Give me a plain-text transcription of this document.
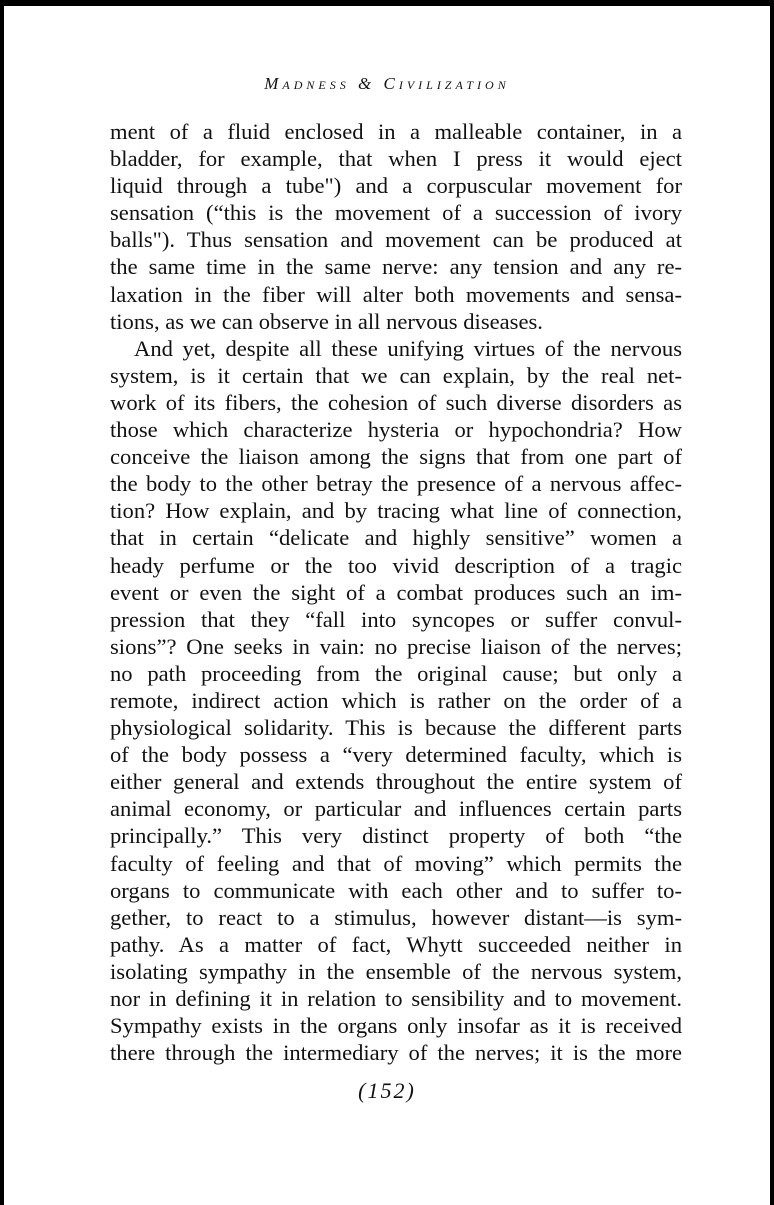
Madness & Civilization
ment of a fluid enclosed in a malleable container, in a
bladder, for example, that when I press it would eject
liquid through a tube") and a corpuscular movement for
sensation (“this is the movement of a succession of ivory
balls"). Thus sensation and movement can be produced at
the same time in the same nerve: any tension and any re-
laxation in the fiber will alter both movements and sensa-
tions, as we can observe in all nervous diseases.
And yet, despite all these unifying virtues of the nervous
system, is it certain that we can explain, by the real net-
work of its fibers, the cohesion of such diverse disorders as
those which characterize hysteria or hypochondria? How
conceive the liaison among the signs that from one part of
the body to the other betray the presence of a nervous affec-
tion? How explain, and by tracing what line of connection,
that in certain “delicate and highly sensitive” women a
heady perfume or the too vivid description of a tragic
event or even the sight of a combat produces such an im-
pression that they “fall into syncopes or suffer convul-
sions”? One seeks in vain: no precise liaison of the nerves;
no path proceeding from the original cause; but only a
remote, indirect action which is rather on the order of a
physiological solidarity. This is because the different parts
of the body possess a “very determined faculty, which is
either general and extends throughout the entire system of
animal economy, or particular and influences certain parts
principally.” This very distinct property of both “the
faculty of feeling and that of moving” which permits the
organs to communicate with each other and to suffer to-
gether, to react to a stimulus, however distant—is sym-
pathy. As a matter of fact, Whytt succeeded neither in
isolating sympathy in the ensemble of the nervous system,
nor in defining it in relation to sensibility and to movement.
Sympathy exists in the organs only insofar as it is received
there through the intermediary of the nerves; it is the more
(152)
